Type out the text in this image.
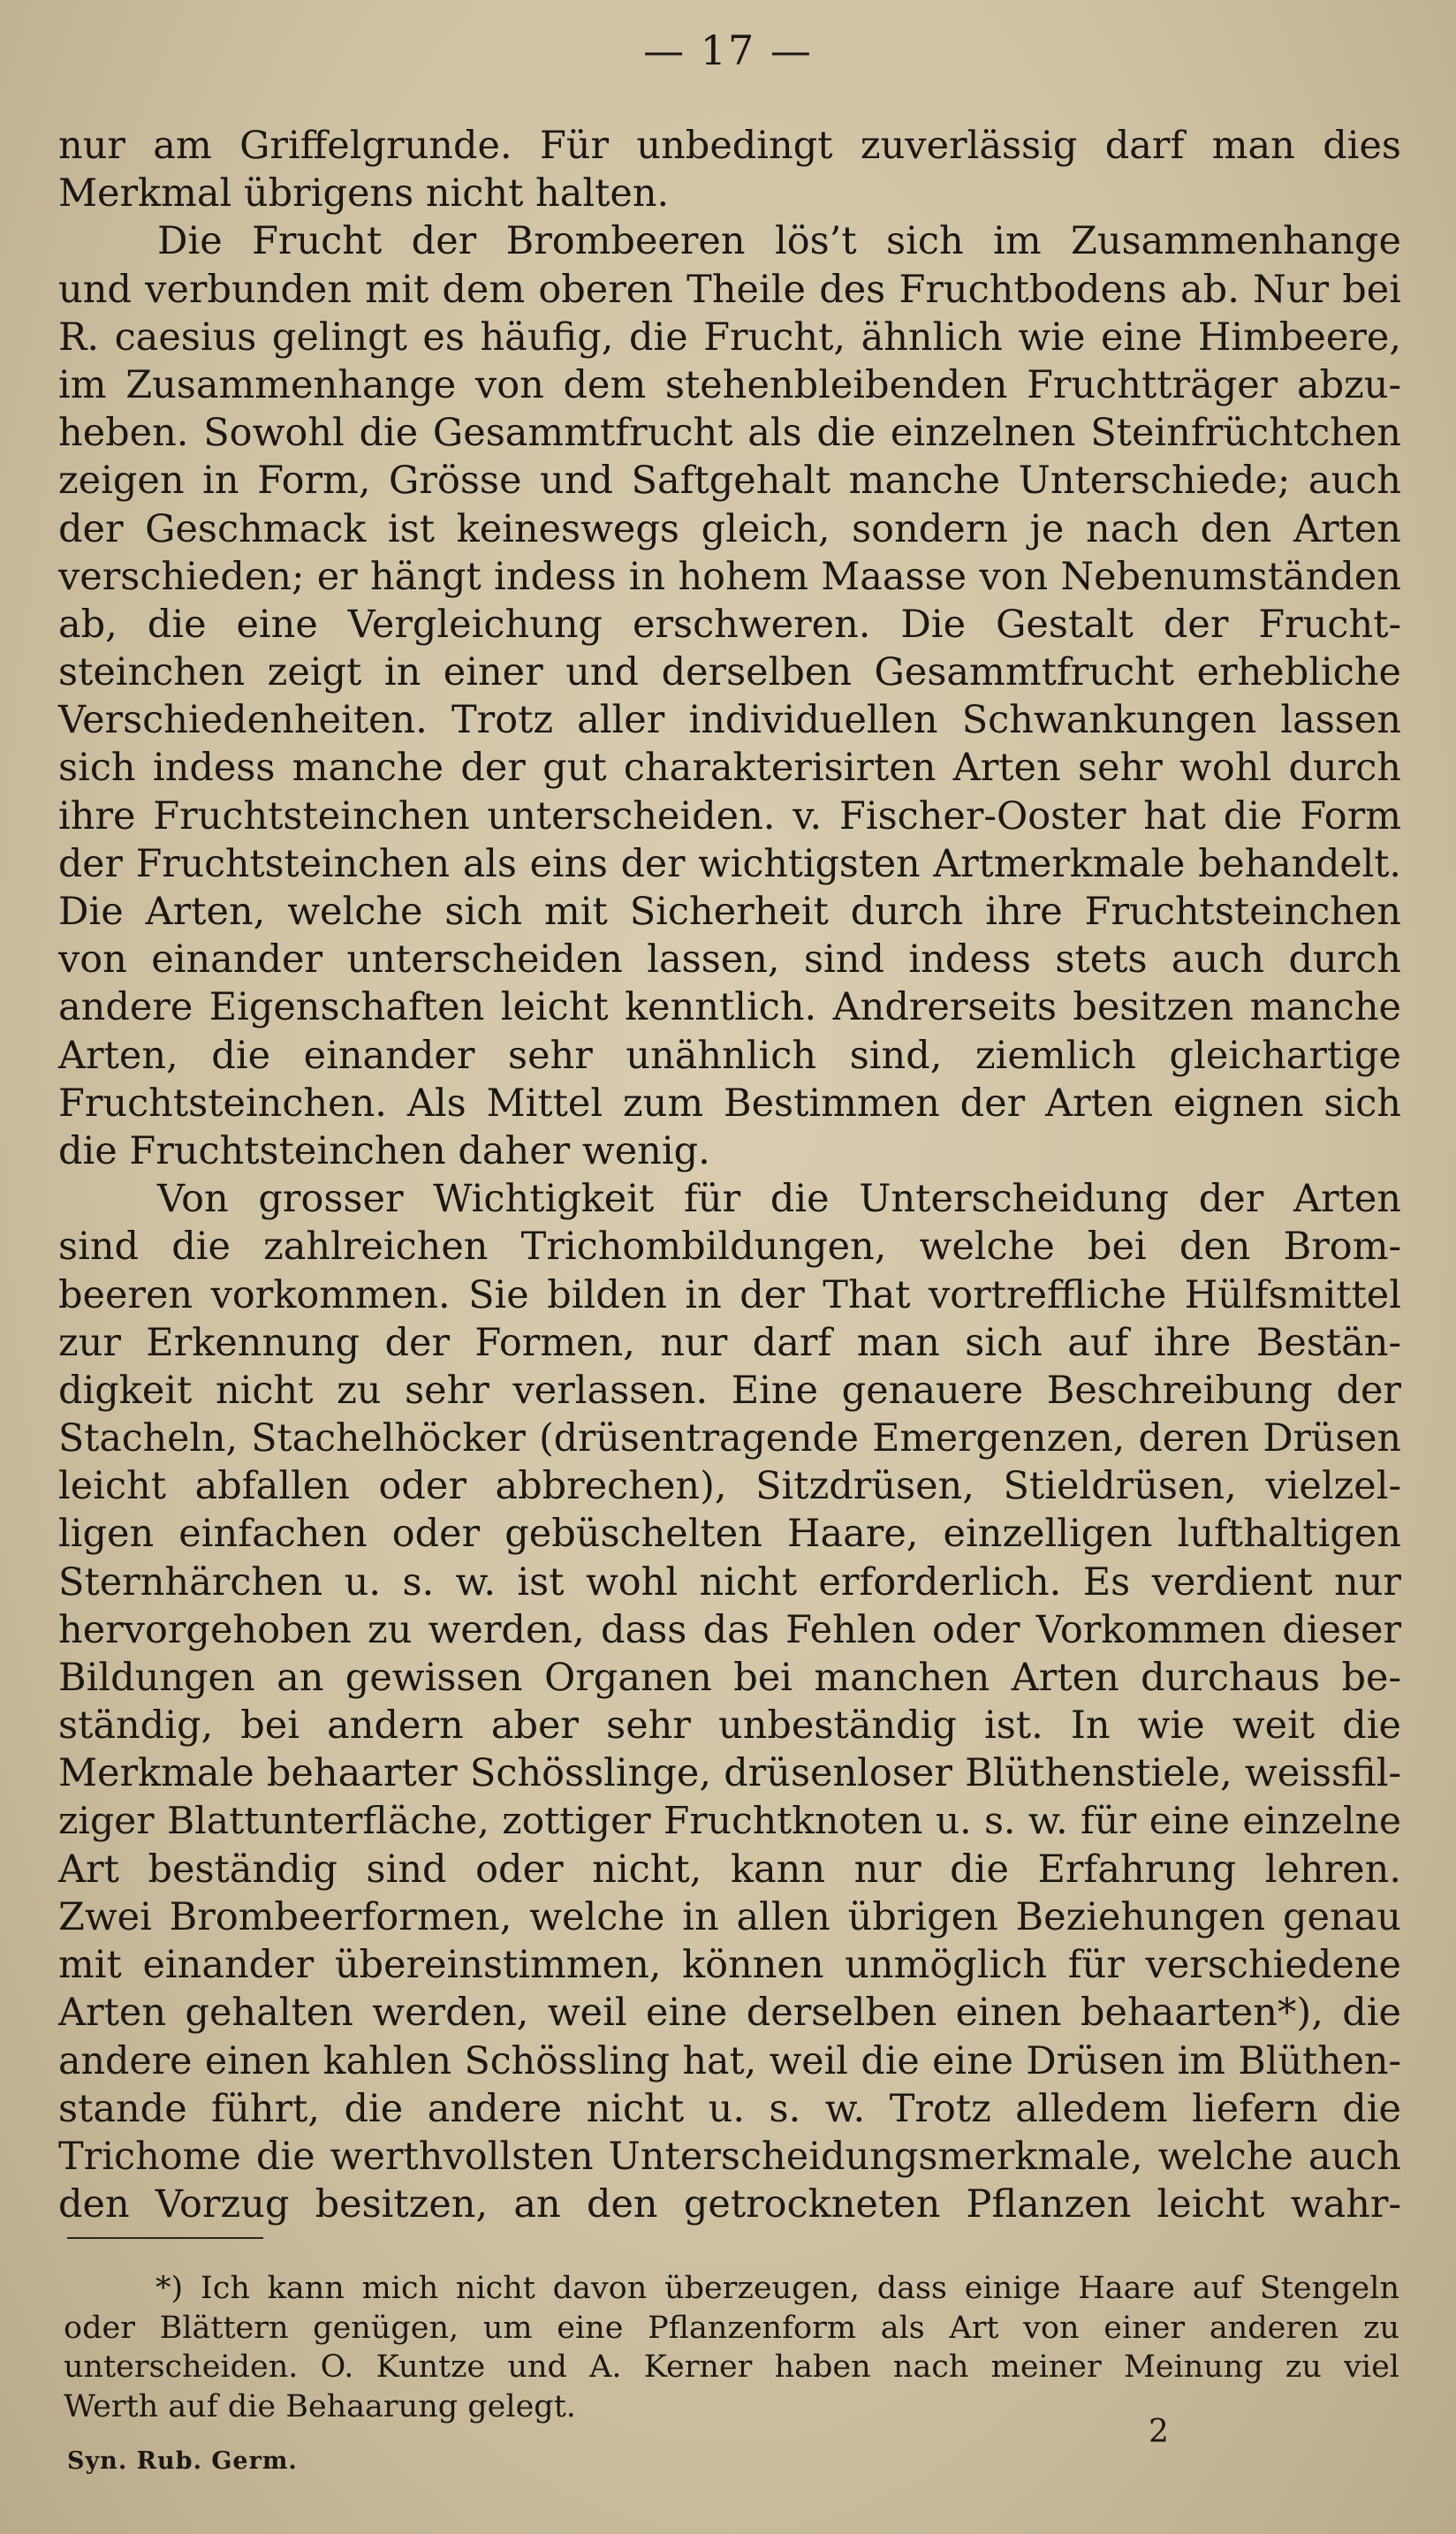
— 17 —
nur am Griffelgrunde. Für unbedingt zuverlässig darf man dies
Merkmal übrigens nicht halten.
Die Frucht der Brombeeren lös’t sich im Zusammenhange
und verbunden mit dem oberen Theile des Fruchtbodens ab. Nur bei
R. caesius gelingt es häufig, die Frucht, ähnlich wie eine Himbeere,
im Zusammenhange von dem stehenbleibenden Fruchtträger abzu-
heben. Sowohl die Gesammtfrucht als die einzelnen Steinfrüchtchen
zeigen in Form, Grösse und Saftgehalt manche Unterschiede; auch
der Geschmack ist keineswegs gleich, sondern je nach den Arten
verschieden; er hängt indess in hohem Maasse von Nebenumständen
ab, die eine Vergleichung erschweren. Die Gestalt der Frucht-
steinchen zeigt in einer und derselben Gesammtfrucht erhebliche
Verschiedenheiten. Trotz aller individuellen Schwankungen lassen
sich indess manche der gut charakterisirten Arten sehr wohl durch
ihre Fruchtsteinchen unterscheiden. v. Fischer-Ooster hat die Form
der Fruchtsteinchen als eins der wichtigsten Artmerkmale behandelt.
Die Arten, welche sich mit Sicherheit durch ihre Fruchtsteinchen
von einander unterscheiden lassen, sind indess stets auch durch
andere Eigenschaften leicht kenntlich. Andrerseits besitzen manche
Arten, die einander sehr unähnlich sind, ziemlich gleichartige
Fruchtsteinchen. Als Mittel zum Bestimmen der Arten eignen sich
die Fruchtsteinchen daher wenig.
Von grosser Wichtigkeit für die Unterscheidung der Arten
sind die zahlreichen Trichombildungen, welche bei den Brom-
beeren vorkommen. Sie bilden in der That vortreffliche Hülfsmittel
zur Erkennung der Formen, nur darf man sich auf ihre Bestän-
digkeit nicht zu sehr verlassen. Eine genauere Beschreibung der
Stacheln, Stachelhöcker (drüsentragende Emergenzen, deren Drüsen
leicht abfallen oder abbrechen), Sitzdrüsen, Stieldrüsen, vielzel-
ligen einfachen oder gebüschelten Haare, einzelligen lufthaltigen
Sternhärchen u. s. w. ist wohl nicht erforderlich. Es verdient nur
hervorgehoben zu werden, dass das Fehlen oder Vorkommen dieser
Bildungen an gewissen Organen bei manchen Arten durchaus be-
ständig, bei andern aber sehr unbeständig ist. In wie weit die
Merkmale behaarter Schösslinge, drüsenloser Blüthenstiele, weissfil-
ziger Blattunterfläche, zottiger Fruchtknoten u. s. w. für eine einzelne
Art beständig sind oder nicht, kann nur die Erfahrung lehren.
Zwei Brombeerformen, welche in allen übrigen Beziehungen genau
mit einander übereinstimmen, können unmöglich für verschiedene
Arten gehalten werden, weil eine derselben einen behaarten*), die
andere einen kahlen Schössling hat, weil die eine Drüsen im Blüthen-
stande führt, die andere nicht u. s. w. Trotz alledem liefern die
Trichome die werthvollsten Unterscheidungsmerkmale, welche auch
den Vorzug besitzen, an den getrockneten Pflanzen leicht wahr-
*) Ich kann mich nicht davon überzeugen, dass einige Haare auf Stengeln
oder Blättern genügen, um eine Pflanzenform als Art von einer anderen zu
unterscheiden. O. Kuntze und A. Kerner haben nach meiner Meinung zu viel
Werth auf die Behaarung gelegt.
2
Syn. Rub. Germ.
